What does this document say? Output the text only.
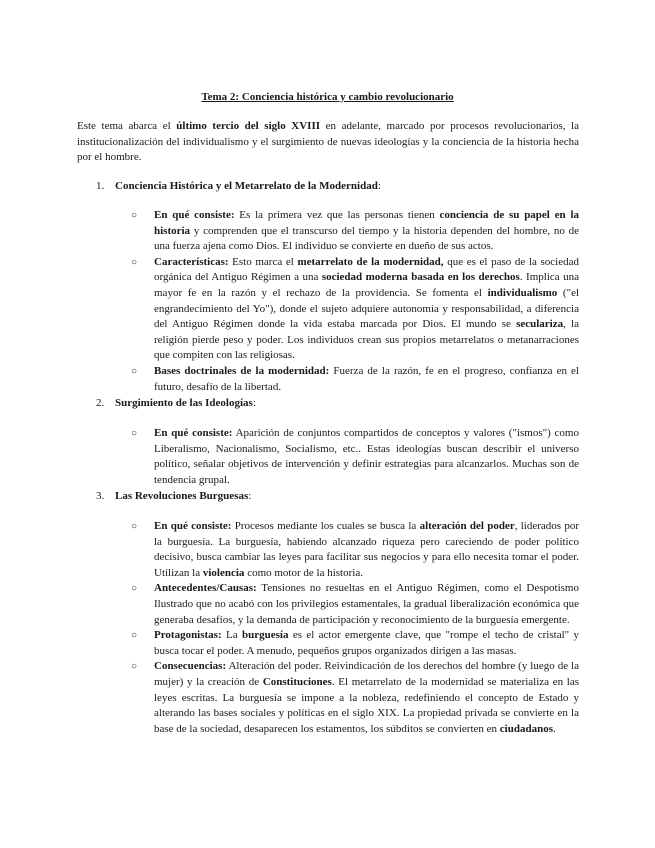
Tema 2: Conciencia histórica y cambio revolucionario

Este tema abarca el último tercio del siglo XVIII en adelante, marcado por procesos revolucionarios, la institucionalización del individualismo y el surgimiento de nuevas ideologías y la conciencia de la historia hecha por el hombre.

1. Conciencia Histórica y el Metarrelato de la Modernidad:
○ En qué consiste: Es la primera vez que las personas tienen conciencia de su papel en la historia y comprenden que el transcurso del tiempo y la historia dependen del hombre, no de una fuerza ajena como Dios. El individuo se convierte en dueño de sus actos.
○ Características: Esto marca el metarrelato de la modernidad, que es el paso de la sociedad orgánica del Antiguo Régimen a una sociedad moderna basada en los derechos. Implica una mayor fe en la razón y el rechazo de la providencia. Se fomenta el individualismo ("el engrandecimiento del Yo"), donde el sujeto adquiere autonomía y responsabilidad, a diferencia del Antiguo Régimen donde la vida estaba marcada por Dios. El mundo se seculariza, la religión pierde peso y poder. Los individuos crean sus propios metarrelatos o metanarraciones que compiten con las religiosas.
○ Bases doctrinales de la modernidad: Fuerza de la razón, fe en el progreso, confianza en el futuro, desafío de la libertad.
2. Surgimiento de las Ideologías:
○ En qué consiste: Aparición de conjuntos compartidos de conceptos y valores ("ismos") como Liberalismo, Nacionalismo, Socialismo, etc.. Estas ideologías buscan describir el universo político, señalar objetivos de intervención y definir estrategias para alcanzarlos. Muchas son de tendencia grupal.
3. Las Revoluciones Burguesas:
○ En qué consiste: Procesos mediante los cuales se busca la alteración del poder, liderados por la burguesía. La burguesía, habiendo alcanzado riqueza pero careciendo de poder político decisivo, busca cambiar las leyes para facilitar sus negocios y para ello necesita tomar el poder. Utilizan la violencia como motor de la historia.
○ Antecedentes/Causas: Tensiones no resueltas en el Antiguo Régimen, como el Despotismo Ilustrado que no acabó con los privilegios estamentales, la gradual liberalización económica que generaba desafíos, y la demanda de participación y reconocimiento de la burguesía emergente.
○ Protagonistas: La burguesía es el actor emergente clave, que "rompe el techo de cristal" y busca tocar el poder. A menudo, pequeños grupos organizados dirigen a las masas.
○ Consecuencias: Alteración del poder. Reivindicación de los derechos del hombre (y luego de la mujer) y la creación de Constituciones. El metarrelato de la modernidad se materializa en las leyes escritas. La burguesía se impone a la nobleza, redefiniendo el concepto de Estado y alterando las bases sociales y políticas en el siglo XIX. La propiedad privada se convierte en la base de la sociedad, desaparecen los estamentos, los súbditos se convierten en ciudadanos.
